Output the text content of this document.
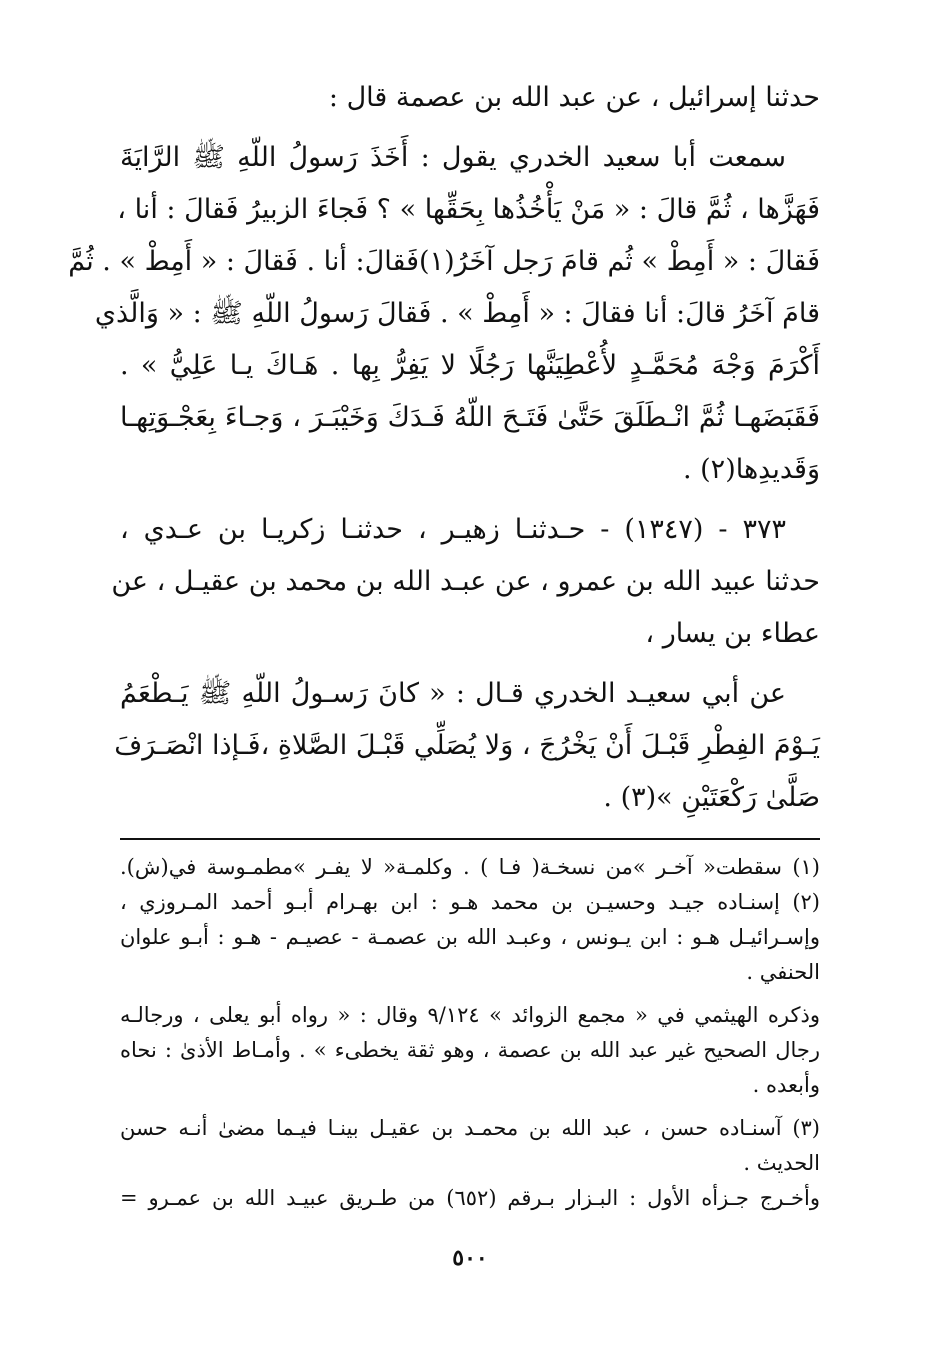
حدثنا إسرائيل ، عن عبد الله بن عصمة قال :
سمعت أبا سعيد الخدري يقول : أَخَذَ رَسولُ اللّهِ ﷺ الرَّايَةَ
فَهَزَّها ، ثُمَّ قالَ : « مَنْ يَأْخُذُها بِحَقِّها » ؟ فَجاءَ الزبيرُ فَقالَ : أنا ،
فَقالَ : « أَمِطْ » ثُم قامَ رَجل آخَرُ(١)فَقالَ: أنا . فَقالَ : « أَمِطْ » . ثُمَّ
قامَ آخَرُ قالَ: أنا فقالَ : « أَمِطْ » . فَقالَ رَسولُ اللّهِ ﷺ : « وَالَّذي
أَكْرَمَ وَجْهَ مُحَمَّـدٍ لأُعْطِيَنَّها رَجُلًا لا يَفِرُّ بِها . هَـاكَ يـا عَلِيُّ » .
فَقَبَضَهـا ثُمَّ انْـطَلَقَ حَتَّىٰ فَتَـحَ اللّهُ فَـدَكَ وَخَيْبَـرَ ، وَجـاءَ بِعَجْـوَتِهـا
وَقَديدِها(٢) .
٣٧٣ - (١٣٤٧) - حـدثنـا زهيـر ، حدثنـا زكريـا بن عـدي ،
حدثنا عبيد الله بن عمرو ، عن عبـد الله بن محمد بن عقيـل ، عن
عطاء بن يسار ،
عن أبي سعيـد الخدري قـال : « كانَ رَسـولُ اللّهِ ﷺ يَـطْعَمُ
يَـوْمَ الفِطْرِ قَبْـلَ أَنْ يَخْرُجَ ، وَلا يُصَلِّي قَبْـلَ الصَّلاةِ ،فَـإذا انْصَـرَفَ
صَلَّىٰ رَكْعَتَيْنِ »(٣) .
(١) سقطت« آخـر »من نسخـة( فـا ) . وكلمـة« لا يفـر »مطمـوسة في(ش).
(٢) إسنـاده جيـد وحسيـن بن محمد هـو : ابن بهـرام أبـو أحمد المـروزي ،
وإسـرائيـل هـو : ابن يـونس ، وعبـد الله بن عصمـة - عصيـم - هـو : أبـو علوان
الحنفي .
وذكره الهيثمي في « مجمع الزوائد » ٩/١٢٤ وقال : « رواه أبو يعلى ، ورجالـه
رجال الصحيح غير عبد الله بن عصمة ، وهو ثقة يخطىء » . وأمـاط الأذىٰ : نحاه
وأبعده .
(٣) آسنـاده حسن ، عبد الله بن محمـد بن عقيـل بينـا فيـما مضىٰ أنـه حسن
الحديث .
وأخـرج جـزأه الأول : البـزار بـرقم (٦٥٢) من طـريق عبيـد الله بن عمـرو =
٥٠٠
